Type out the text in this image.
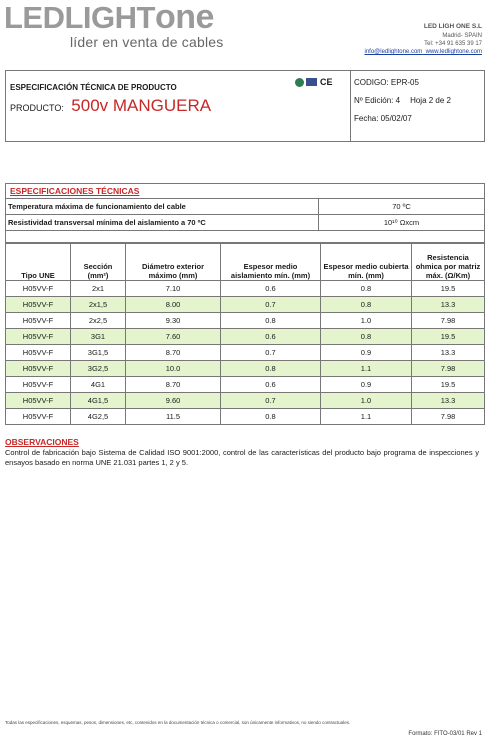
LEDLIGHTone
líder en venta de cables
LED LIGH ONE S.L
Madrid- SPAIN
Tel: +34 91 635 39 17
info@ledlightone.com www.ledlightone.com
ESPECIFICACIÓN TÉCNICA DE PRODUCTO
PRODUCTO: 500v MANGUERA
CE	CODIGO: EPR-05
Nº Edición: 4 Hoja 2 de 2
Fecha: 05/02/07
ESPECIFICACIONES TÉCNICAS
Temperatura máxima de funcionamiento del cable	70 ºC
Resistividad transversal mínima del aislamiento a 70 ºC	10¹⁰ Ωxcm
Tipo UNE	Sección (mm²)	Diámetro exterior máximo (mm)	Espesor medio aislamiento mín. (mm)	Espesor medio cubierta mín. (mm)	Resistencia ohmica por matriz máx. (Ω/Km)
H05VV-F	2x1	7.10	0.6	0.8	19.5
H05VV-F	2x1,5	8.00	0.7	0.8	13.3
H05VV-F	2x2,5	9.30	0.8	1.0	7.98
H05VV-F	3G1	7.60	0.6	0.8	19.5
H05VV-F	3G1,5	8.70	0.7	0.9	13.3
H05VV-F	3G2,5	10.0	0.8	1.1	7.98
H05VV-F	4G1	8.70	0.6	0.9	19.5
H05VV-F	4G1,5	9.60	0.7	1.0	13.3
H05VV-F	4G2,5	11.5	0.8	1.1	7.98
OBSERVACIONES
Control de fabricación bajo Sistema de Calidad ISO 9001:2000, control de las características del producto bajo programa de inspecciones y ensayos basado en norma UNE 21.031 partes 1, 2 y 5.
Todas las especificaciones, esquemas, pesos, dimensiones, etc, contenidos en la documentación técnica o comercial, son únicamente informativos, no siendo contractuales.
Formato: FITO-03/01 Rev 1
